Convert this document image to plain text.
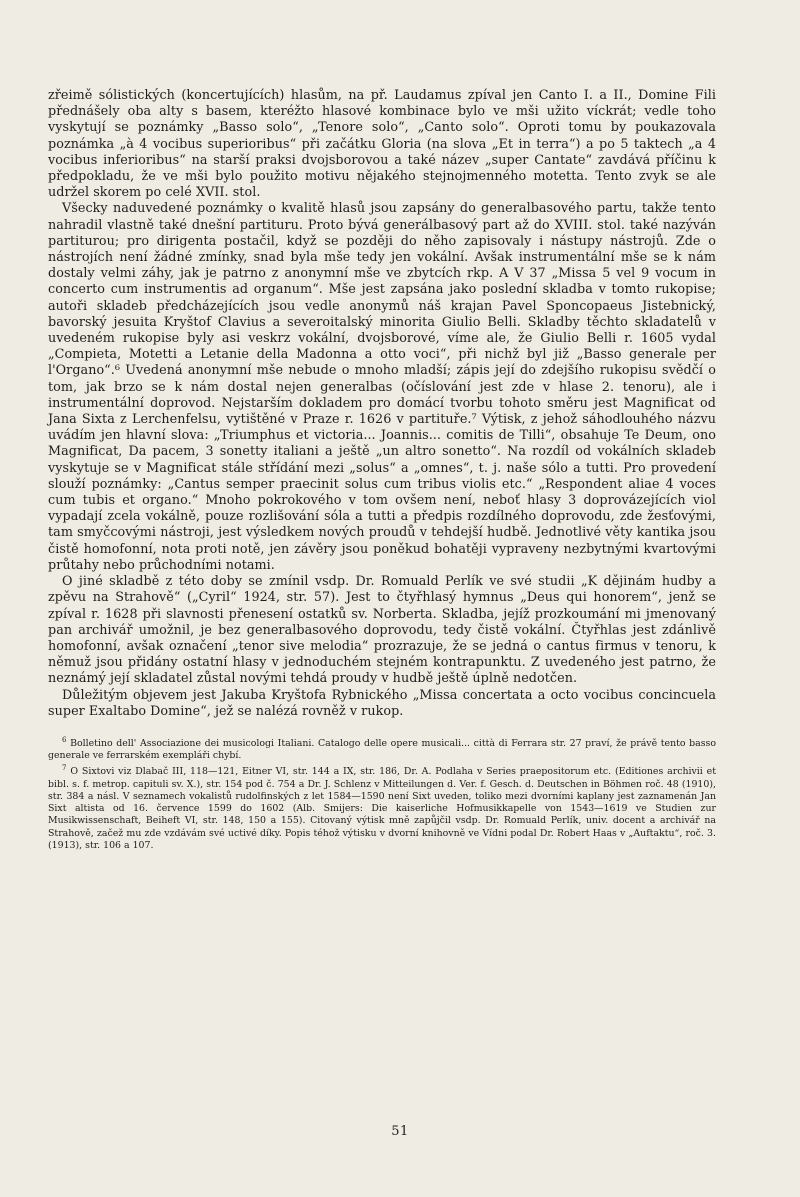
zřeimě sólistických (koncertujících) hlasům, na př. Laudamus zpíval jen Canto I. a II., Domine Fili přednášely oba alty s basem, kteréžto hlasové kombinace bylo ve mši užito víckrát; vedle toho vyskytují se poznámky „Basso solo“, „Tenore solo“, „Canto solo“. Oproti tomu by poukazovala poznámka „à 4 vocibus superioribus“ při začátku Gloria (na slova „Et in terra“) a po 5 taktech „a 4 vocibus inferioribus“ na starší praksi dvojsborovou a také název „super Cantate“ zavdává příčinu k předpokladu, že ve mši bylo použito motivu nějakého stejnojmenného motetta. Tento zvyk se ale udržel skorem po celé XVII. stol.

Všecky naduvedené poznámky o kvalitě hlasů jsou zapsány do generalbasového partu, takže tento nahradil vlastně také dnešní partituru. Proto bývá generálbasový part až do XVIII. stol. také nazýván partiturou; pro dirigenta postačil, když se později do něho zapisovaly i nástupy nástrojů. Zde o nástrojích není žádné zmínky, snad byla mše tedy jen vokální. Avšak instrumentální mše se k nám dostaly velmi záhy, jak je patrno z anonymní mše ve zbytcích rkp. A V 37 „Missa 5 vel 9 vocum in concerto cum instrumentis ad organum“. Mše jest zapsána jako poslední skladba v tomto rukopise; autoři skladeb předcházejících jsou vedle anonymů náš krajan Pavel Sponcopaeus Jistebnický, bavorský jesuita Kryštof Clavius a severoitalský minorita Giulio Belli. Skladby těchto skladatelů v uvedeném rukopise byly asi veskrz vokální, dvojsborové, víme ale, že Giulio Belli r. 1605 vydal „Compieta, Motetti a Letanie della Madonna a otto voci“, při nichž byl již „Basso generale per l'Organo“.⁶ Uvedená anonymní mše nebude o mnoho mladší; zápis její do zdejšího rukopisu svědčí o tom, jak brzo se k nám dostal nejen generalbas (očíslování jest zde v hlase 2. tenoru), ale i instrumentální doprovod. Nejstarším dokladem pro domácí tvorbu tohoto směru jest Magnificat od Jana Sixta z Lerchenfelsu, vytištěné v Praze r. 1626 v partituře.⁷ Výtisk, z jehož sáhodlouhého názvu uvádím jen hlavní slova: „Triumphus et victoria... Joannis... comitis de Tilli“, obsahuje Te Deum, ono Magnificat, Da pacem, 3 sonetty italiani a ještě „un altro sonetto“. Na rozdíl od vokálních skladeb vyskytuje se v Magnificat stále střídání mezi „solus“ a „omnes“, t. j. naše sólo a tutti. Pro provedení slouží poznámky: „Cantus semper praecinit solus cum tribus violis etc.“ „Respondent aliae 4 voces cum tubis et organo.“ Mnoho pokrokového v tom ovšem není, neboť hlasy 3 doprovázejících viol vypadají zcela vokálně, pouze rozlišování sóla a tutti a předpis rozdílného doprovodu, zde žesťovými, tam smyčcovými nástroji, jest výsledkem nových proudů v tehdejší hudbě. Jednotlivé věty kantika jsou čistě homofonní, nota proti notě, jen závěry jsou poněkud bohatěji vypraveny nezbytnými kvartovými průtahy nebo průchodními notami.

O jiné skladbě z této doby se zmínil vsdp. Dr. Romuald Perlík ve své studii „K dějinám hudby a zpěvu na Strahově“ („Cyril“ 1924, str. 57). Jest to čtyřhlasý hymnus „Deus qui honorem“, jenž se zpíval r. 1628 při slavnosti přenesení ostatků sv. Norberta. Skladba, jejíž prozkoumání mi jmenovaný pan archivář umožnil, je bez generalbasového doprovodu, tedy čistě vokální. Čtyřhlas jest zdánlivě homofonní, avšak označení „tenor sive melodia“ prozrazuje, že se jedná o cantus firmus v tenoru, k němuž jsou přidány ostatní hlasy v jednoduchém stejném kontrapunktu. Z uvedeného jest patrno, že neznámý její skladatel zůstal novými tehdá proudy v hudbě ještě úplně nedotčen.

Důležitým objevem jest Jakuba Kryštofa Rybnického „Missa concertata a octo vocibus concincuela super Exaltabo Domine“, jež se nalézá rovněž v rukop.

$^6$ Bolletino dell' Associazione dei musicologi Italiani. Catalogo delle opere musicali... città di Ferrara str. 27 praví, že právě tento basso generale ve ferrarském exempláři chybí.

$^7$ O Sixtovi viz Dlabač III, 118—121, Eitner VI, str. 144 a IX, str. 186, Dr. A. Podlaha v Series praepositorum etc. (Editiones archivii et bibl. s. f. metrop. capituli sv. X.), str. 154 pod č. 754 a Dr. J. Schlenz v Mitteilungen d. Ver. f. Gesch. d. Deutschen in Böhmen roč. 48 (1910), str. 384 a násl. V seznamech vokalistů rudolfinských z let 1584—1590 není Sixt uveden, toliko mezi dvorními kaplany jest zaznamenán Jan Sixt altista od 16. července 1599 do 1602 (Alb. Smijers: Die kaiserliche Hofmusikkapelle von 1543—1619 ve Studien zur Musikwissenschaft, Beiheft VI, str. 148, 150 a 155). Citovaný výtisk mně zapůjčil vsdp. Dr. Romuald Perlík, univ. docent a archivář na Strahově, začež mu zde vzdávám své uctivé díky. Popis téhož výtisku v dvorní knihovně ve Vídni podal Dr. Robert Haas v „Auftaktu“, roč. 3. (1913), str. 106 a 107.

51
